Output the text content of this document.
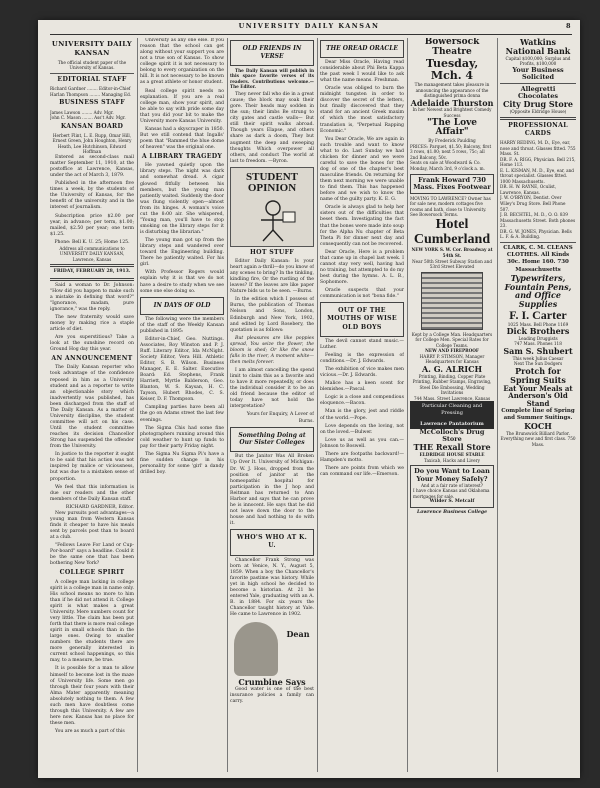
UNIVERSITY DAILY KANSAN	8
UNIVERSITY DAILY KANSAN
The official student paper of the University of Kansas.
EDITORIAL STAFF
Richard Gardner ........ Editor-in-Chief
Harlan Thompson ........ Managing Ed.
BUSINESS STAFF
James Lawson ........ Adv. Mgr.
John C. Mason ........ Ass't Adv. Mgr.
KANSAN BOARD
Herbert Flint, L. E. Rupp, Omar Hill, Ernest Green, John Houghton, Henry Heath, Lee Hutchinson, Edward Hoffman

Entered as second-class mail matter September 11, 1910, at the postoffice at Lawrence, Kansas, under the act of March 3, 1879.

Published in the afternoon five times a week, by the students of the University of Kansas, for the benefit of the university and in the interest of journalism.

Subscription price $2.00 per year, in advance; per term, $1.00; mailed, $2.50 per year; one term $1.25.

Phone: Bell K. U. 25; Home 125.
Address all communications to UNIVERSITY DAILY KANSAN, Lawrence, Kansas
FRIDAY, FEBRUARY 28, 1913.

Said a woman to Dr. Johnson: "How did you happen to make such a mistake in defining that word?" "Ignorance, madam, pure ignorance," was the reply.

The new fraternity would save money by making rice a staple article of diet.

Are you superstitious? Take a look at the sunshine record on Ground Hog day this year.

AN ANNOUNCEMENT

The Daily Kansan reporter who took advantage of the confidence reposed in him as a University student and as a reporter to write an objectionable story which inadvertently was published, has been discharged from the staff of The Daily Kansan. As a matter of University discipline, the student committee will act on his case. Until the student committee reaches its decision Chancellor Strong has suspended the offender from the University.

In justice to the reporter it ought to be said that his action was not inspired by malice or viciousness, but was due to a mistaken sense of proportion.

We feel that this information is due our readers and the other members of the Daily Kansan staff.

RICHARD GARDNER, Editor.

New pursuits post advantages—a young man from Western Kansas finds it cheaper to have his meals sent by parcels post than to board at a club.

"Fellows Leave For Land or Cup-Por-board" says a headline. Could it be the same one that has been bothering New York?

COLLEGE SPIRIT

A college man lacking in college spirit is a college man in name only. His school means no more to him than if he did not attend it. College spirit is what makes a great University. Mere numbers count for very little. The claim has been put forth that there is more real college spirit in small schools than in the large ones. Owing to smaller numbers the students there are more generally interested in current school happenings, so this may, to a measure, be true.

It is possible for a man to allow himself to become lost in the maze of University life. Some men go through their four years with their Alma Mater apparently meaning absolutely nothing to them. A few such men have doubtless come through this University. A few are here now. Kansas has no place for these men.

You are as much a part of this

University as any one else. If you reason that the school can get along without your support you are not a true son of Kansas. To show college spirit it is not necessary to belong to every organization on the hill. It is not necessary to be known as a great athlete or honor student.

Real college spirit needs no explanation. If you are a real college man, show your spirit, and be able to say with pride some day that you did your bit to make the University more Kansas University.

Kansas had a skyscraper in 1850. But we still contend that Ingalls' poem that "Rammed the blue dome of heaven" was the original one.

A LIBRARY TRAGEDY

He yawned quietly upon the library steps. The night was dark and somewhat dread. A cigar glowed fitfully between his members, but the young man patiently waited. Suddenly the door was flung violently open—almost from its hinges. A woman's voice cut the 8:00 air. She whispered, "Young man, you'll have to stop smoking on the library steps for it is disturbing the librarian."

The young man got up from the library steps and wandered over toward the Engineering building. There he patiently waited. For his girl.

With Professor Rogers would explain why it is that we do not have a desire to study when we see some one else doing so.

IN DAYS OF OLD

The following were the members of the staff of the Weekly Kansan published in 1895:

Editor-in-Chief, Geo. Nuttings. Associates, Roy Winston and P. J. Ruff. Literary Editor, Ida McNight. Society Editor, Vera Hill. Athletic Editor, S. B. Wilson. Business Manager, E. E. Salter. Executive Board: Ed. Stephens, Frank Harriett, Myrtle Balderson, Geo. Blanton, W. S. Kaysan, H. C. Tayson, Hubert Rhodes, C. S. Keiser, D. F. Thompson.

Campling parties have been all the go on Adams street the last few evenings.

The Sigma Chis had some fine photographers running around this cold weather to hunt up funds to pay for their party Friday night.

The Sigma Nu Sigma Pi's have a fine sudden change in his personality for some 'girl' a dandy drilled boy.

OLD FRIENDS IN VERSE

The Daily Kansan will publish in this space favorite verses of its readers. Contributions welcome.—The Editor.

They never fall who die in a great cause; the block may soak their gore. Their heads may sodden in the sun; their limbs Be strung to city gates and castle walls— But still their spirit walks abroad. Though years Elapse, and others share as dark a doom, They but augment the deep and sweeping thoughts Which overpower all others, and conduct The world at last to freedom. —Byron.

STUDENT OPINION
HOT STUFF

Editor Daily Kansan: Is your heart again a-thrill—do you know of any scenes to bring? In the tinkling, kindling fire, Or the rustling of the leaves? If the leaves are like paper Nature bids us to be seen. —Burns.

In the edition which I possess of Burns, the publication of Thomas Nelson and Sons, London, Edinburgh and New York, 1902, and edited by Lord Rosebery, the quotation is as follows:

But pleasures are like poppies spread, You seize the flower, the bloom is shed; Or like the snow falls in the river, A moment white—then melts forever.

I am almost cancelling the spend limit to claim this as a favorite and to have it more repeatedly, or does the individual consider it to be an old friend because the editor of today have not hold the interpretation?

Yours for Enquiry, A Lover of Burns.
Something Doing at Our Sister Colleges

But the Janitor Was All Broken Up Over It. University of Michigan: Dr. W. J. Hoss, dropped from the position of janitor at the homeopathic hospital for participation in the J hop and Reitman has returned to Ann Harbor and says that he can prove he is innocent. He says that he did not leave down the door to the house and had nothing to do with it.

WHO'S WHO AT K. U.

Chancellor Frank Strong was born at Venice, N. Y., August 5, 1859. When a boy the Chancellor's favorite pastime was history. While yet in high school he decided to become a historian. At 21 he entered Yale, graduating with an A. B. in 1884. For six years the Chancellor taught history at Yale. He came to Lawrence in 1902.

Dean Crumbine Says

Good water is one of the best insurance policies a family can carry.

THE OREAD ORACLE

Dear Miss Oracle, Having read considerable about Phi Beta Kappa the past week I would like to ask what the name means. Freshman.

Oracle was obliged to burn the midnight tungsten in order to discover the secret of the letters, but finally discovered that they stand for an ancient Greek maxim of which the most satisfactory translation is, "Perpetual Rapping Economic."

You Dear Oracle, We are again in such trouble and want to know what to do. Last Sunday we had chicken for dinner and we were careful to save the bones for the dog of one of the chapter's best masculine friends. On returning for them next morning we were unable to find them. This has happened before and we wish to know the name of the guilty party. K. E. G.

Oracle is always glad to help her sisters out of the difficulties that beset them. Investigating the fact that the bones were made into soup for the Alpha Nu chapter of Beta Theta Pi for dinner next day and consequently can not be recovered.

Dear Oracle, Here is a problem that came up in chapel last week. I cannot stay very well, having had no training, but attempted to do my best during the hymns. A. L. B., Sophomore.

Oracle suspects that your communication is not "bona fide."

OUT OF THE MOUTHS OF WISE OLD BOYS

The devil cannot stand music.—Luther.

Feeling is the expression of conditions.—Dr. J. Edwards.

The exhibition of vice makes men vicious.—Dr. J. Edwards.

Malice has a keen scent for blemishes.—Pascal.

Logic is a close and compendious eloquence.—Bacon.

Man is the glory, jest and riddle of the world.—Pope.

Love depends on the loving, not on the loved.—Bulwer.

Love us as well as you can.—Johnson to Boswell.

There are footpaths backward!—Hampden's motto.

There are points from which we can command our life.—Emerson.

Bowersock Theatre
Tuesday, Mch. 4
The management takes pleasure in announcing the appearance of the distinguished prima donna
Adelaide Thurston
In her Newest and Brightest Comedy Success
"The Love Affair"
By Frederick Paulding
PRICES: Parquet, $1.50; Balcony, first 3 rows, $1.00; next 5 rows, 75c; all 2nd Balcony, 50c.
Seats on sale at Woodward & Co. Monday, March 3rd, 9 o'clock a. m.
Frank Howard 730 Mass. Fixes Footwear
MOVING TO LAWRENCE? Owner has for sale new, modern cottages five rooms and bath, close to University. See Bowersock Terms.
Hotel Cumberland
NEW YORK S. W. Cor. Broadway at 54th St.
Near 50th Street Subway Station and 53rd Street Elevated
Kept by a College Man. Headquarters for College Men. Special Rates for College Teams.
NEW AND FIREPROOF
HARRY P. STIMSON, Manager
Headquarters for Kansas
A. G. ALRICH
Printing, Binding, Copper Plate Printing, Rubber Stamps, Engraving, Steel Die Embossing, Wedding Invitations
744 Mass. Street Lawrence, Kansas
Particular Cleaning and Pressing
Lawrence Pantatorium
McColloch's Drug Store
THE Rexall Store
ELDRIDGE HOUSE STABLE
Taxicab, Hacks and Livery
Do you Want to Loan Your Money Safely?
And at a fair rate of interest?
I have choice Kansas and Oklahoma mortgages for sale.
Wilder S. Metcalf
Lawrence Business College
Watkins National Bank
Capital $100,000; Surplus and Profits, $100,000
Your Business Solicited
Allegretti Chocolates
City Drug Store
(Opposite Eldridge House)
PROFESSIONAL CARDS
HARRY REDING, M. D., Eye, ear, nose and throat. Glasses fitted. 755 Mass. St.
DR. F. A. RIGG, Physician. Bell 215, Home 113.
E. L. KISMAN, M. D., Eye, ear, and throat specialist. Glasses fitted. 1000 Massachusetts.
DR. H. W. RAYNE, Oculist, Lawrence, Kansas.
J. W. O'BRYON, Dentist. Over Wiley's Drug Store. Bell Phone 507.
J. B. BECHTEL, M. D., O. O. 839 Massachusetts Street. Both phones 23.
DR. G. W. JONES, Physician. Bells L. F. & A. Building.
CLARK, C. M. CLEANS CLOTHES. All Kinds 30c. Home 160. 730 Massachusetts
Typewriters, Fountain Pens, and Office Supplies
F. I. Carter
1025 Mass. Bell Phone 1169
Dick Brothers
Leading Druggists
747 Mass. Phones 118
Sam S. Shubert
This week Julius Caesar
Next The Sun Dodgers
Protch for Spring Suits
Eat Your Meals at Anderson's Old Stand
Complete line of Spring and Summer Suitings.
KOCH
The Brunswick Billiard Parlor. Everything new and first class. 750 Mass.
